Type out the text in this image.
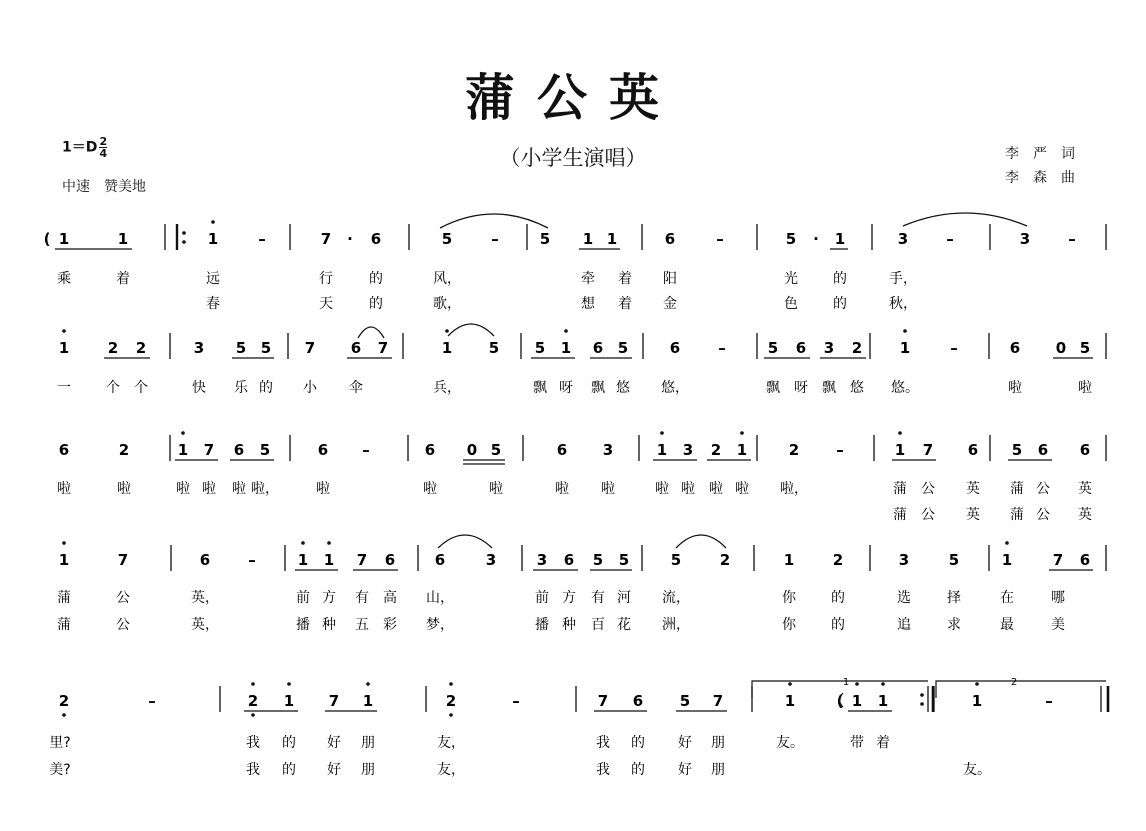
蒲公英
（小学生演唱）
$1=D \frac{2}{4}$
中速　赞美地
李　严　词
李　森　曲
( 1	1	1	–	7 · 6	5	–	5 1 1	6	–	5 · 1	3	–	3	–
乘	着	远	行	的	风，	牵 着 阳	光	的	手，
春	天	的	歌，	想 着 金	色	的	秋，
1	2 2	3 5 5 7 6 7	1 5 5 1 6 5	6	–	5 6 3 2	1	–	6 0 5
一	个 个	快 乐 的 小 伞	兵，	飘 呀 飘 悠 悠，	飘 呀 飘 悠 悠。	啦	啦
6	2	1 7 6 5	6 –	6 0 5	6 3	1 3 2 1	2 –	1 7 6 5 6 6
啦	啦	啦 啦 啦 啦，	啦	啦	啦	啦 啦	啦 啦 啦 啦 啦，	蒲 公 英 蒲 公 英
蒲 公 英 蒲 公 英
1	7	6	–	1 1 7 6	6	3	3 6 5 5	5	2	1	2	3	5	1	7 6
蒲	公	英，	前 方 有 高 山，	前 方 有 河 流，	你	的	选	择	在	哪
蒲	公	英，	播 种 五 彩 梦，	播 种 百 花 洲，	你	的	追	求	最	美
2	–	2 1 7 1	2	–	7 6 5 7	1	( 1 1	1	–
里?	我 的 好 朋	友，	我 的 好 朋	友。	带 着
美?	我 的 好 朋	友，	我 的 好 朋	友。
1	2
